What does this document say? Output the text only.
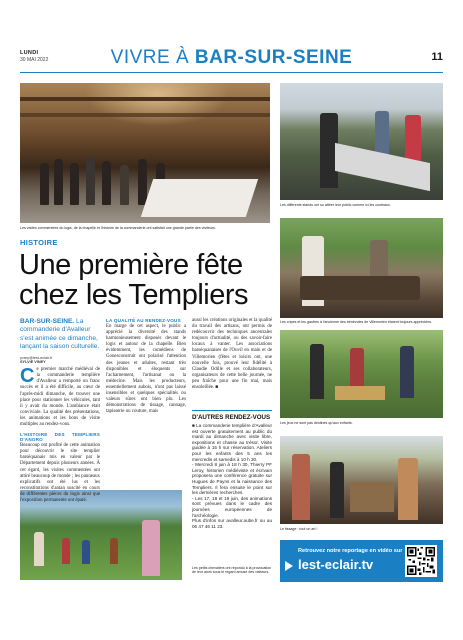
LUNDI
30 MAI 2022	VIVRE À BAR-SUR-SEINE	11
Les visites commentées du logis, de la chapelle et l'histoire de la commanderie ont satisfait une grande partie des visiteurs.
Les différents stands ont su attirer leur public comme ici les couteaux.
Les cripes et les gaufres à l'ancienne des bénévoles de Villemorien étaient toujours appréciées.
Les jeux ne sont pas destinés qu'aux enfants.
Le tissage : tout un art !
HISTOIRE
Une première fête chez les Templiers
BAR-SUR-SEINE. La commanderie d'Avalleur s'est animée ce dimanche, lançant la saison culturelle.
yvrey@lest-eclair.fr
SYLVIE VINEY

Ce premier marché médiéval de la commanderie templière d'Avalleur a remporté un franc succès et il a été difficile, au cœur de l'après-midi dimanche, de trouver une place pour stationner les véhicules, tant il y avait du monde. L'ambiance était conviviale. La qualité des présentations, les animations et les bons de visite multiples au rendez-vous.

L'HISTOIRE DES TEMPLIERS D'ANORO

Beaucoup ont profité de cette animation pour découvrir le site templier barséquanais mis en valeur par le Département depuis plusieurs années. À cet égard, les visites commentées ont attiré beaucoup de monde ; les panneaux explicatifs ont été lus et les reconstitutions d'antan suscité en cours de différentes pièces du logis ainsi que l'exposition permanente ont épaté.

LA QUALITÉ AU RENDEZ-VOUS

En marge de cet aspect, le public a apprécié la diversité des stands harmonieusement disposés devant le logis et autour de la chapelle. Bien évidemment, les comédiens de Gonesconstruit ont polarisé l'attention des jeunes et adultes, restant très disponibles et éloquents sur l'acharnement, l'artisanat ou la médecine. Mais les producteurs, essentiellement aubois, n'ont pas laissé insensibles et quelques spécialités ou valeurs sûres ont bien plu. Les démonstrations de tissage, cannage, tapisserie ou couture, mais

aussi les créations originales et la qualité du travail des artisans, ont permis de redécouvrir des techniques ancestrales toujours d'actualité, ou des savoir-faire locaux à vanter. Les associations barséquanaises de l'Ouvil en main et de Villemorien (fêtes et loisirs ont, une nouvelle fois, prouvé leur fidélité à Claudie Odille et ses collaborateurs, organisateurs de cette belle journée, ne peu fraîche pour une fin mai, mais ensoleillée. ■

D'AUTRES RENDEZ-VOUS

■ La commanderie templière d'Avalleur est ouverte gratuitement au public du mardi au dimanche avec visite libre, expositions et chasse au trésor. Visite guidée à 15 h sur réservation. Ateliers pour les enfants des 5 ans les mercredis et samedis à 10 h 30.

- Mercredi 8 juin à 18 h 30, Thierry PF Leroy, historien médiéviste et écrivain proposera une conférence gratuite sur Hugues de Payns et la naissance des Templiers. Il fera ensuite le point sur les dernières recherches.

- Les 17, 18 et 19 juin, des animations sont prévues dans le cadre des journées européennes de l'archéologie.

Plus d'infos sur avalleur.aube.fr ou au 06 47 46 11 23.

Les petits chevaliers ont répondu à la provocation de leur alors sous le regard amusé des visiteurs.
Retrouvez notre reportage en vidéo sur
lest-eclair.tv
